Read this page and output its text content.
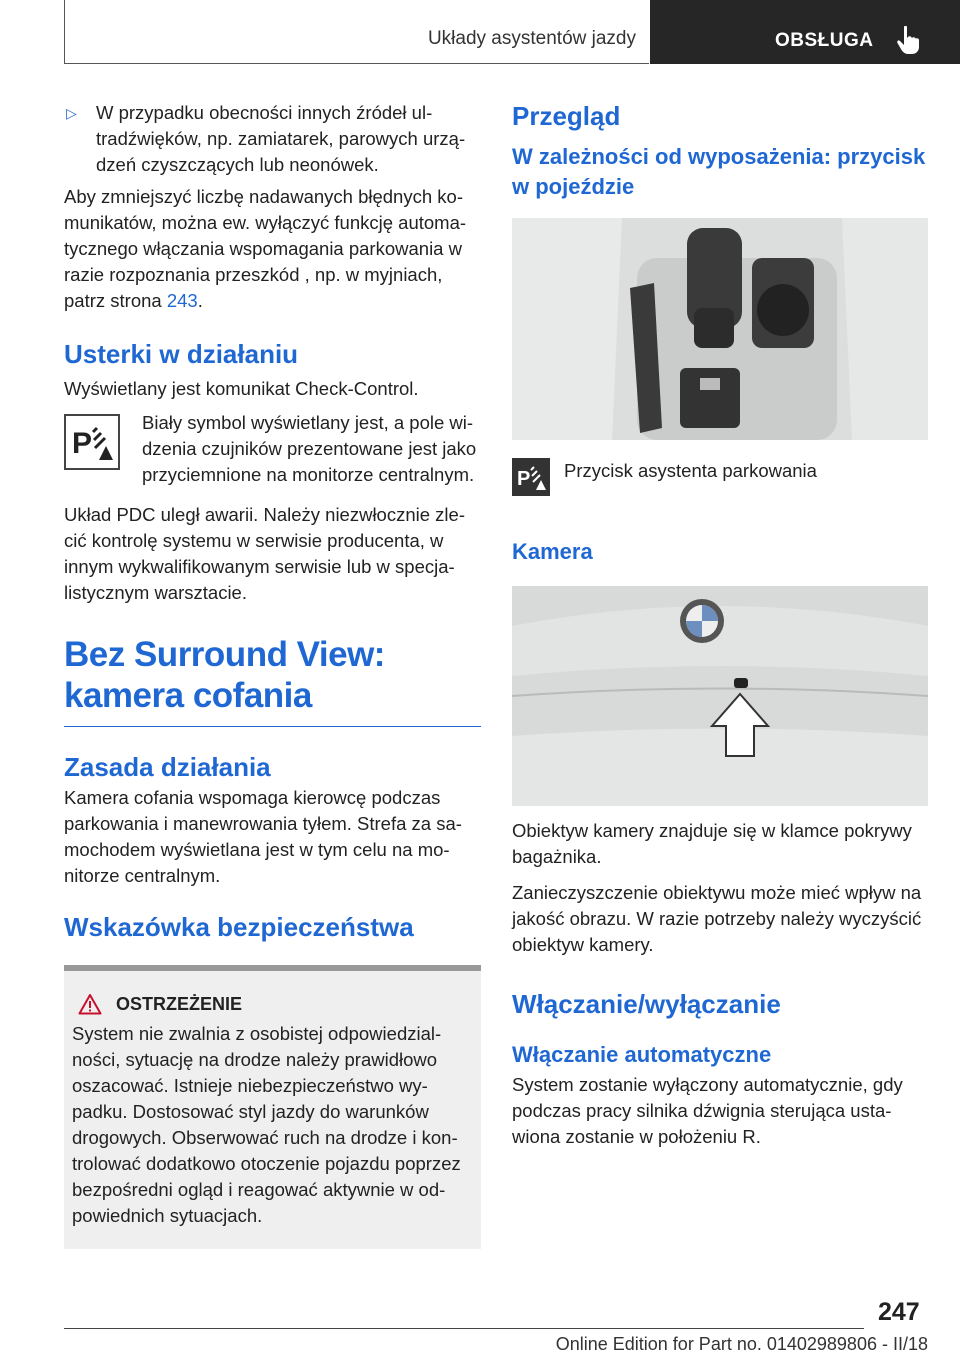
Układy asystentów jazdy	OBSŁUGA
▷	W przypadku obecności innych źródeł ultradźwięków, np. zamiatarek, parowych urządzeń czyszczących lub neonówek.

Aby zmniejszyć liczbę nadawanych błędnych komunikatów, można ew. wyłączyć funkcję automatycznego włączania wspomagania parkowania w razie rozpoznania przeszkód , np. w myjniach, patrz strona 243.

Usterki w działaniu

Wyświetlany jest komunikat Check-Control.

P

Biały symbol wyświetlany jest, a pole widzenia czujników prezentowane jest jako przyciemnione na monitorze centralnym.

Układ PDC uległ awarii. Należy niezwłocznie zlecić kontrolę systemu w serwisie producenta, w innym wykwalifikowanym serwisie lub w specjalistycznym warsztacie.

Bez Surround View: kamera cofania
Zasada działania

Kamera cofania wspomaga kierowcę podczas parkowania i manewrowania tyłem. Strefa za samochodem wyświetlana jest w tym celu na monitorze centralnym.

Wskazówka bezpieczeństwa
OSTRZEŻENIE

System nie zwalnia z osobistej odpowiedzialności, sytuację na drodze należy prawidłowo oszacować. Istnieje niebezpieczeństwo wypadku. Dostosować styl jazdy do warunków drogowych. Obserwować ruch na drodze i kontrolować dodatkowo otoczenie pojazdu poprzez bezpośredni ogląd i reagować aktywnie w odpowiednich sytuacjach.

Przegląd
W zależności od wyposażenia: przycisk w pojeździe
P Przycisk asystenta parkowania

Kamera

Obiektyw kamery znajduje się w klamce pokrywy bagażnika.

Zanieczyszczenie obiektywu może mieć wpływ na jakość obrazu. W razie potrzeby należy wyczyścić obiektyw kamery.

Włączanie/wyłączanie
Włączanie automatyczne

System zostanie wyłączony automatycznie, gdy podczas pracy silnika dźwignia sterująca ustawiona zostanie w położeniu R.

247
Online Edition for Part no. 01402989806 - II/18
